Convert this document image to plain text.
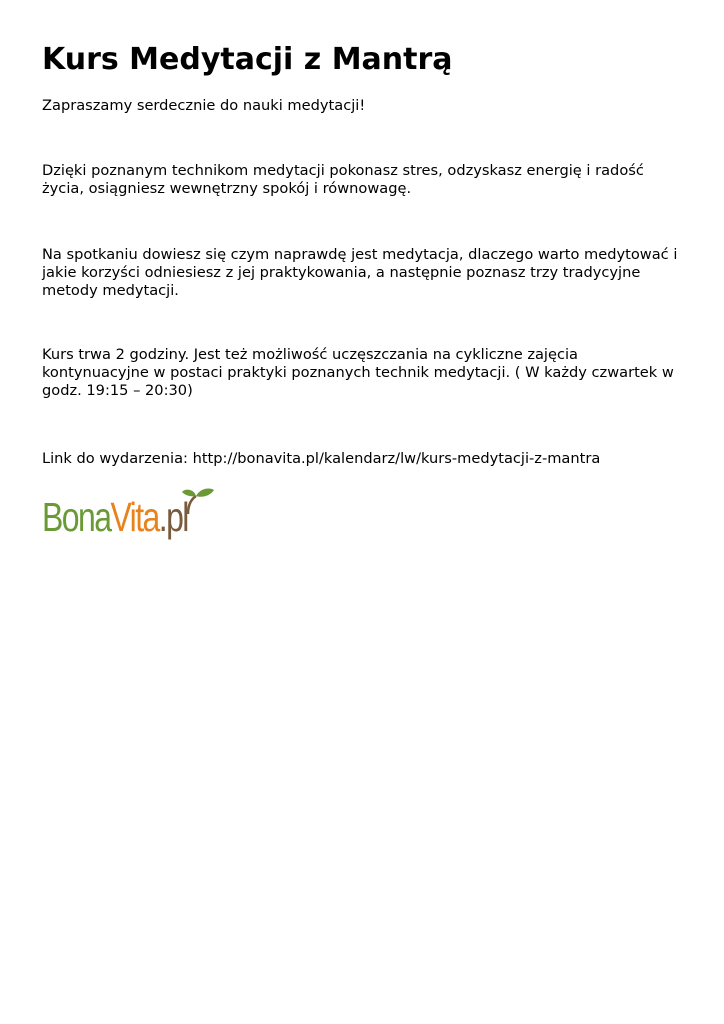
Kurs Medytacji z Mantrą

Zapraszamy serdecznie do nauki medytacji!

Dzięki poznanym technikom medytacji pokonasz stres, odzyskasz energię i radość życia, osiągniesz wewnętrzny spokój i równowagę.

Na spotkaniu dowiesz się czym naprawdę jest medytacja, dlaczego warto medytować i jakie korzyści odniesiesz z jej praktykowania, a następnie poznasz trzy tradycyjne metody medytacji.

Kurs trwa 2 godziny. Jest też możliwość uczęszczania na cykliczne zajęcia kontynuacyjne w postaci praktyki poznanych technik medytacji. ( W każdy czwartek w godz. 19:15 – 20:30)

Link do wydarzenia: http://bonavita.pl/kalendarz/lw/kurs-medytacji-z-mantra

BonaVita.pl
